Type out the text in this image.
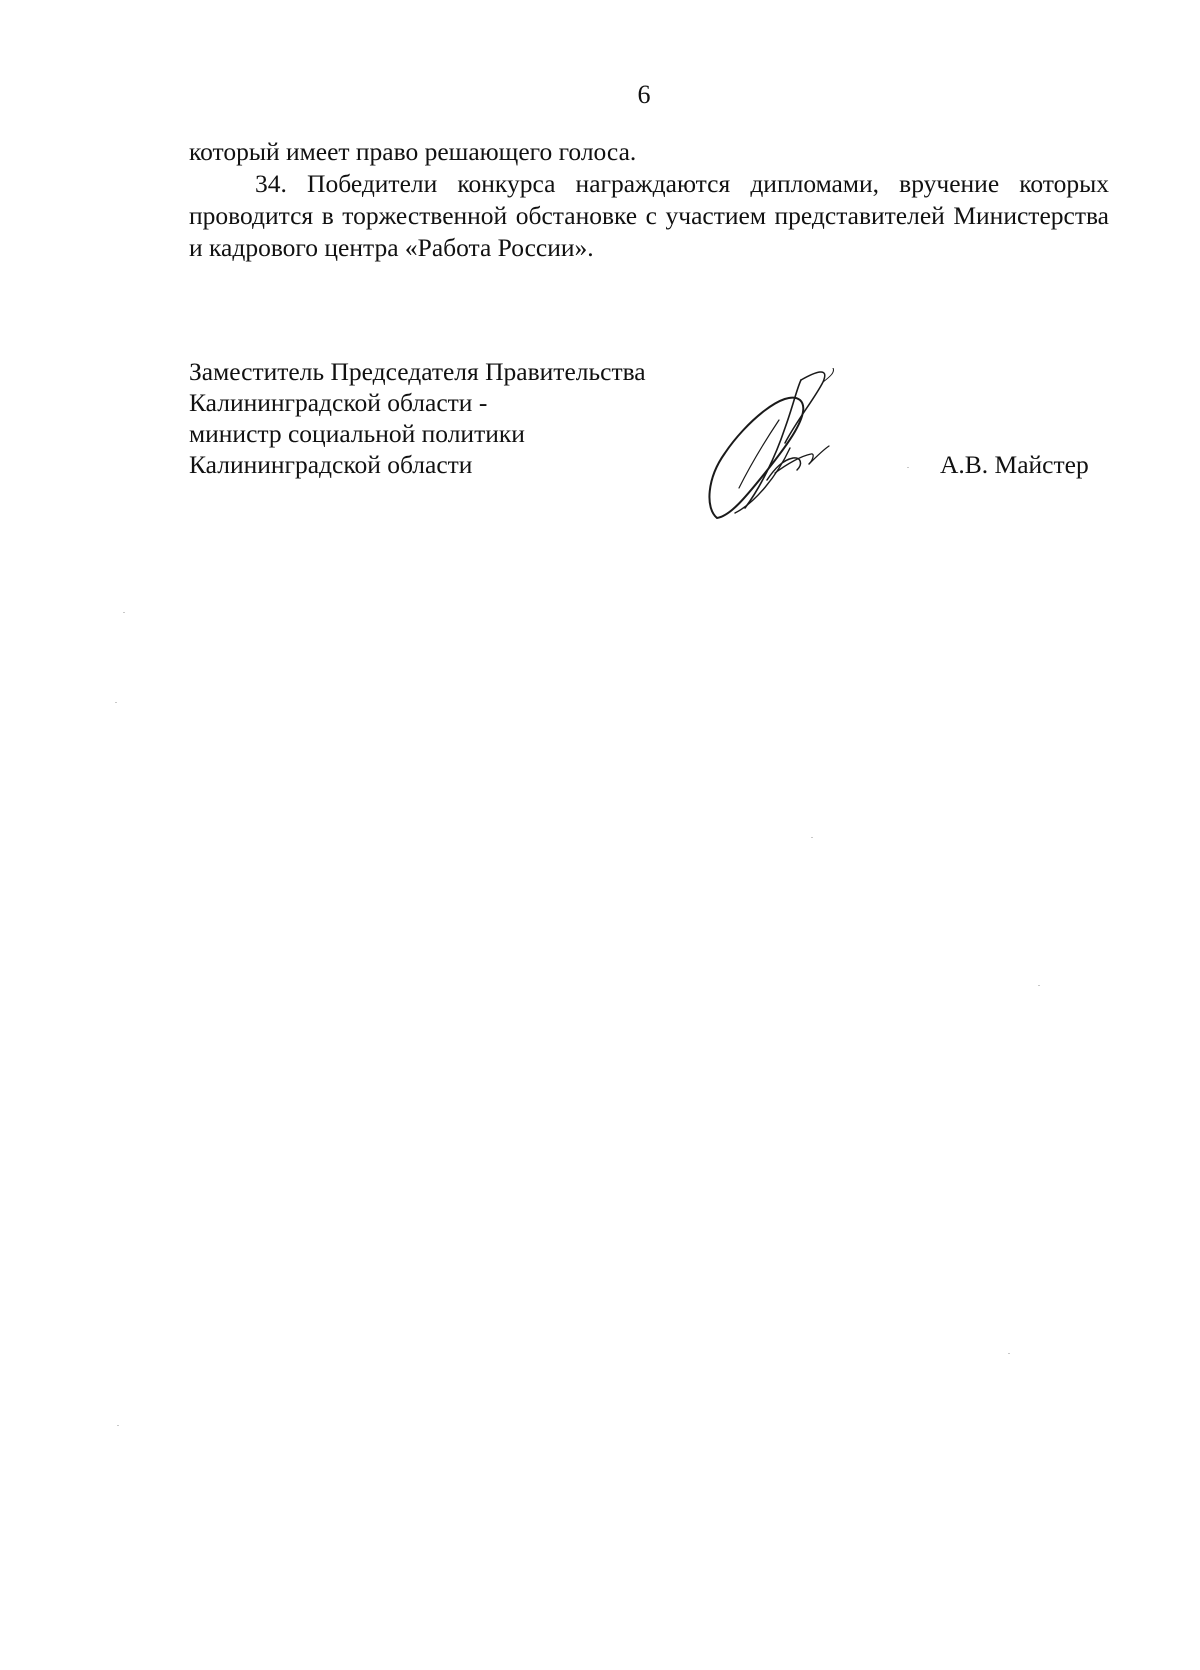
6

который имеет право решающего голоса.

34. Победители конкурса награждаются дипломами, вручение которых проводится в торжественной обстановке с участием представителей Министерства и кадрового центра «Работа России».

Заместитель Председателя Правительства
Калининградской области -
министр социальной политики
Калининградской области	А.В. Майстер
